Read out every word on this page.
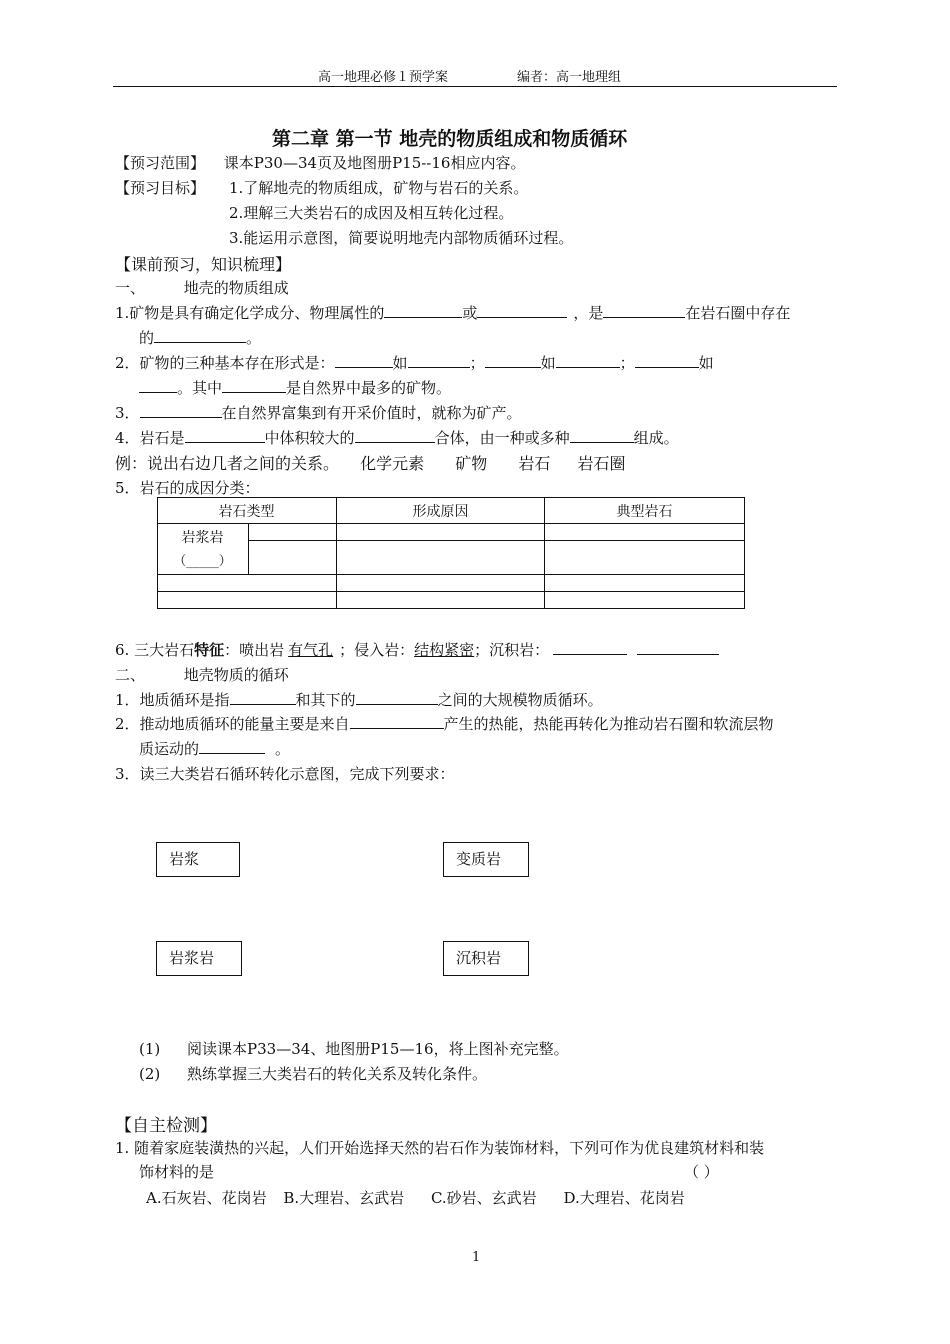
高一地理必修１预学案	编者：高一地理组
第二章 第一节 地壳的物质组成和物质循环
【预习范围】 课本P30—34页及地图册P15--16相应内容。
【预习目标】 1.了解地壳的物质组成，矿物与岩石的关系。
2.理解三大类岩石的成因及相互转化过程。
3.能运用示意图，简要说明地壳内部物质循环过程。
【课前预习，知识梳理】
一、	地壳的物质组成
1.矿物是具有确定化学成分、物理属性的	或	，是	在岩石圈中存在
的	。
2．矿物的三种基本存在形式是：	如	；	如	；	如
。其中	是自然界中最多的矿物。
3．	在自然界富集到有开采价值时，就称为矿产。
4．岩石是	中体积较大的	合体，由一种或多种	组成。
例：说出右边几者之间的关系。 化学元素 矿物 岩石 岩石圈
5．岩石的成因分类：
岩石类型	形成原因	典型岩石
岩浆岩
（_____）
6. 三大岩石特征：喷出岩 有气孔 ；侵入岩：结构紧密；沉积岩：
二、	地壳物质的循环
1．地质循环是指	和其下的	之间的大规模物质循环。
2．推动地质循环的能量主要是来自	产生的热能，热能再转化为推动岩石圈和软流层物
质运动的	。
3．读三大类岩石循环转化示意图，完成下列要求：
岩浆	变质岩
岩浆岩	沉积岩
(1) 阅读课本P33—34、地图册P15—16，将上图补充完整。
(2) 熟练掌握三大类岩石的转化关系及转化条件。
【自主检测】
1. 随着家庭装潢热的兴起，人们开始选择天然的岩石作为装饰材料，下列可作为优良建筑材料和装
饰材料的是	（ ）
A.石灰岩、花岗岩 B.大理岩、玄武岩 C.砂岩、玄武岩 D.大理岩、花岗岩
1
